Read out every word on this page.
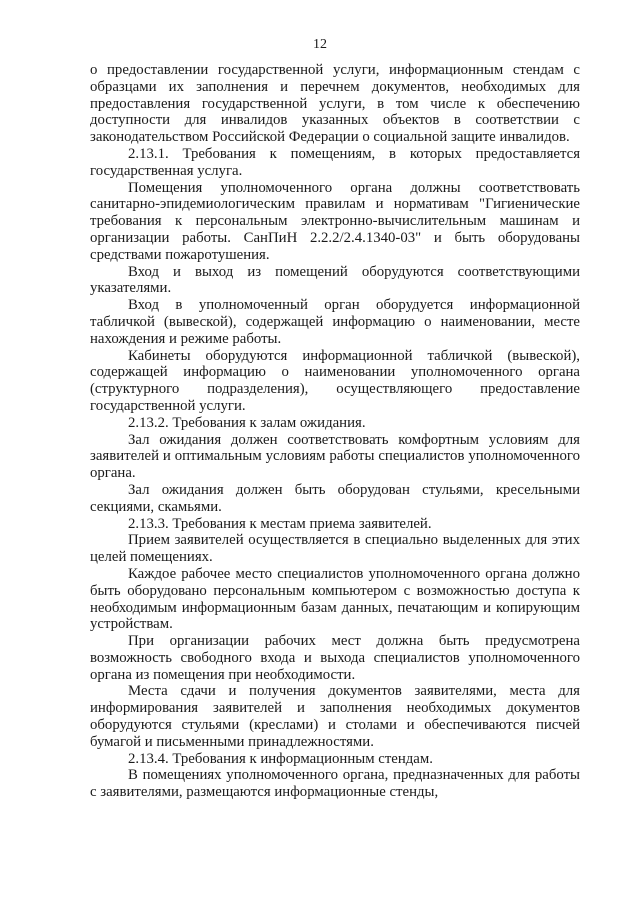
12

о предоставлении государственной услуги, информационным стендам с образцами их заполнения и перечнем документов, необходимых для предоставления государственной услуги, в том числе к обеспечению доступности для инвалидов указанных объектов в соответствии с законодательством Российской Федерации о социальной защите инвалидов.

2.13.1. Требования к помещениям, в которых предоставляется государственная услуга.

Помещения уполномоченного органа должны соответствовать санитарно-эпидемиологическим правилам и нормативам "Гигиенические требования к персональным электронно-вычислительным машинам и организации работы. СанПиН 2.2.2/2.4.1340-03" и быть оборудованы средствами пожаротушения.

Вход и выход из помещений оборудуются соответствующими указателями.

Вход в уполномоченный орган оборудуется информационной табличкой (вывеской), содержащей информацию о наименовании, месте нахождения и режиме работы.

Кабинеты оборудуются информационной табличкой (вывеской), содержащей информацию о наименовании уполномоченного органа (структурного подразделения), осуществляющего предоставление государственной услуги.

2.13.2. Требования к залам ожидания.

Зал ожидания должен соответствовать комфортным условиям для заявителей и оптимальным условиям работы специалистов уполномоченного органа.

Зал ожидания должен быть оборудован стульями, кресельными секциями, скамьями.

2.13.3. Требования к местам приема заявителей.

Прием заявителей осуществляется в специально выделенных для этих целей помещениях.

Каждое рабочее место специалистов уполномоченного органа должно быть оборудовано персональным компьютером с возможностью доступа к необходимым информационным базам данных, печатающим и копирующим устройствам.

При организации рабочих мест должна быть предусмотрена возможность свободного входа и выхода специалистов уполномоченного органа из помещения при необходимости.

Места сдачи и получения документов заявителями, места для информирования заявителей и заполнения необходимых документов оборудуются стульями (креслами) и столами и обеспечиваются писчей бумагой и письменными принадлежностями.

2.13.4. Требования к информационным стендам.

В помещениях уполномоченного органа, предназначенных для работы с заявителями, размещаются информационные стенды,
